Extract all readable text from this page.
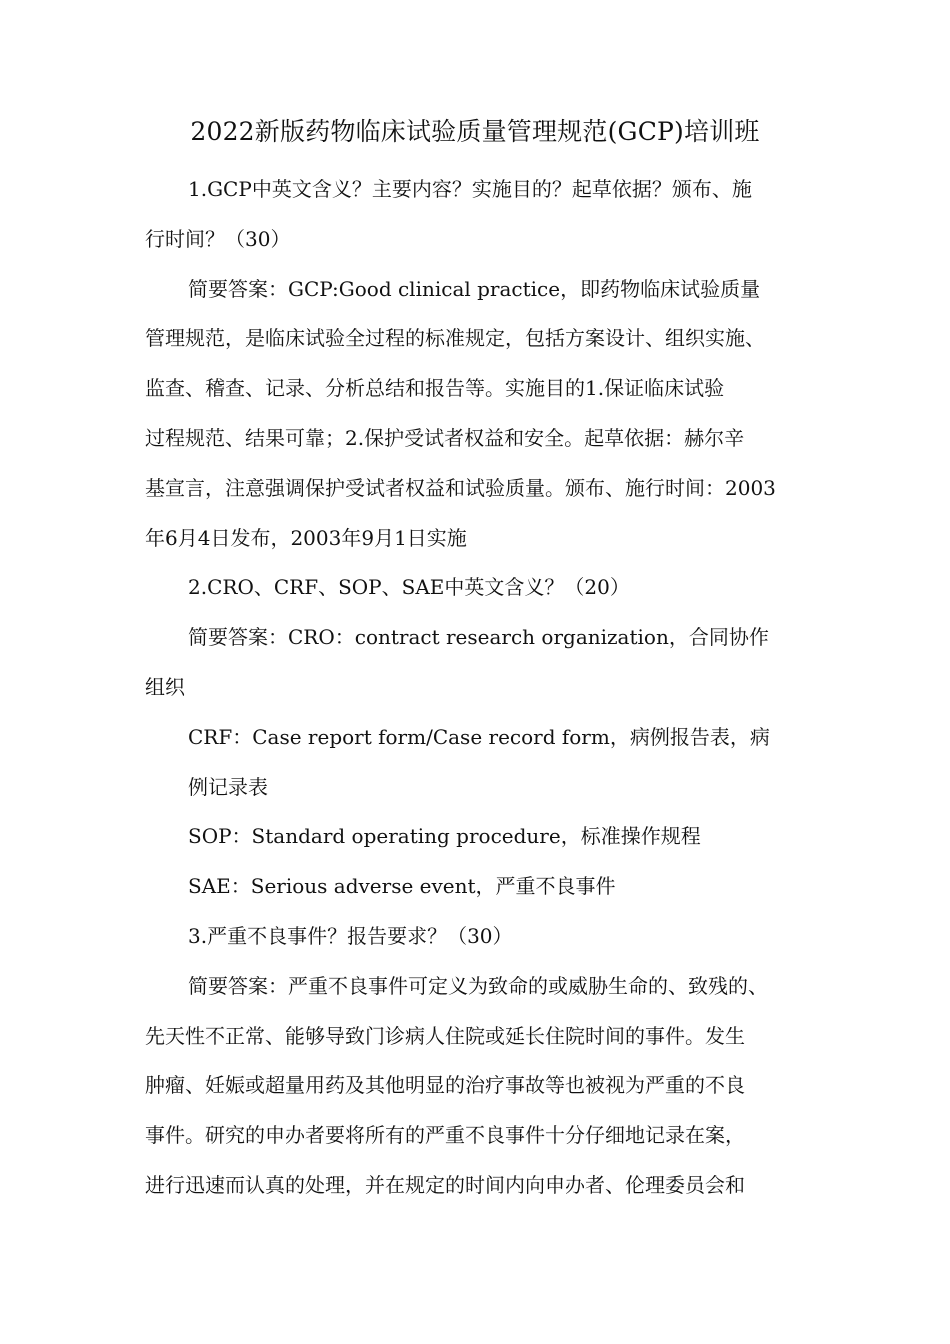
2022新版药物临床试验质量管理规范(GCP)培训班
1.GCP中英文含义？主要内容？实施目的？起草依据？颁布、施
行时间？（30）
简要答案：GCP:Good clinical practice，即药物临床试验质量
管理规范，是临床试验全过程的标准规定，包括方案设计、组织实施、
监查、稽查、记录、分析总结和报告等。实施目的1.保证临床试验
过程规范、结果可靠；2.保护受试者权益和安全。起草依据：赫尔辛
基宣言，注意强调保护受试者权益和试验质量。颁布、施行时间：2003
年6月4日发布，2003年9月1日实施
2.CRO、CRF、SOP、SAE中英文含义？（20）
简要答案：CRO：contract research organization，合同协作
组织
CRF：Case report form/Case record form，病例报告表，病
例记录表
SOP：Standard operating procedure，标准操作规程
SAE：Serious adverse event，严重不良事件
3.严重不良事件？报告要求？（30）
简要答案：严重不良事件可定义为致命的或威胁生命的、致残的、
先天性不正常、能够导致门诊病人住院或延长住院时间的事件。发生
肿瘤、妊娠或超量用药及其他明显的治疗事故等也被视为严重的不良
事件。研究的申办者要将所有的严重不良事件十分仔细地记录在案，
进行迅速而认真的处理，并在规定的时间内向申办者、伦理委员会和
